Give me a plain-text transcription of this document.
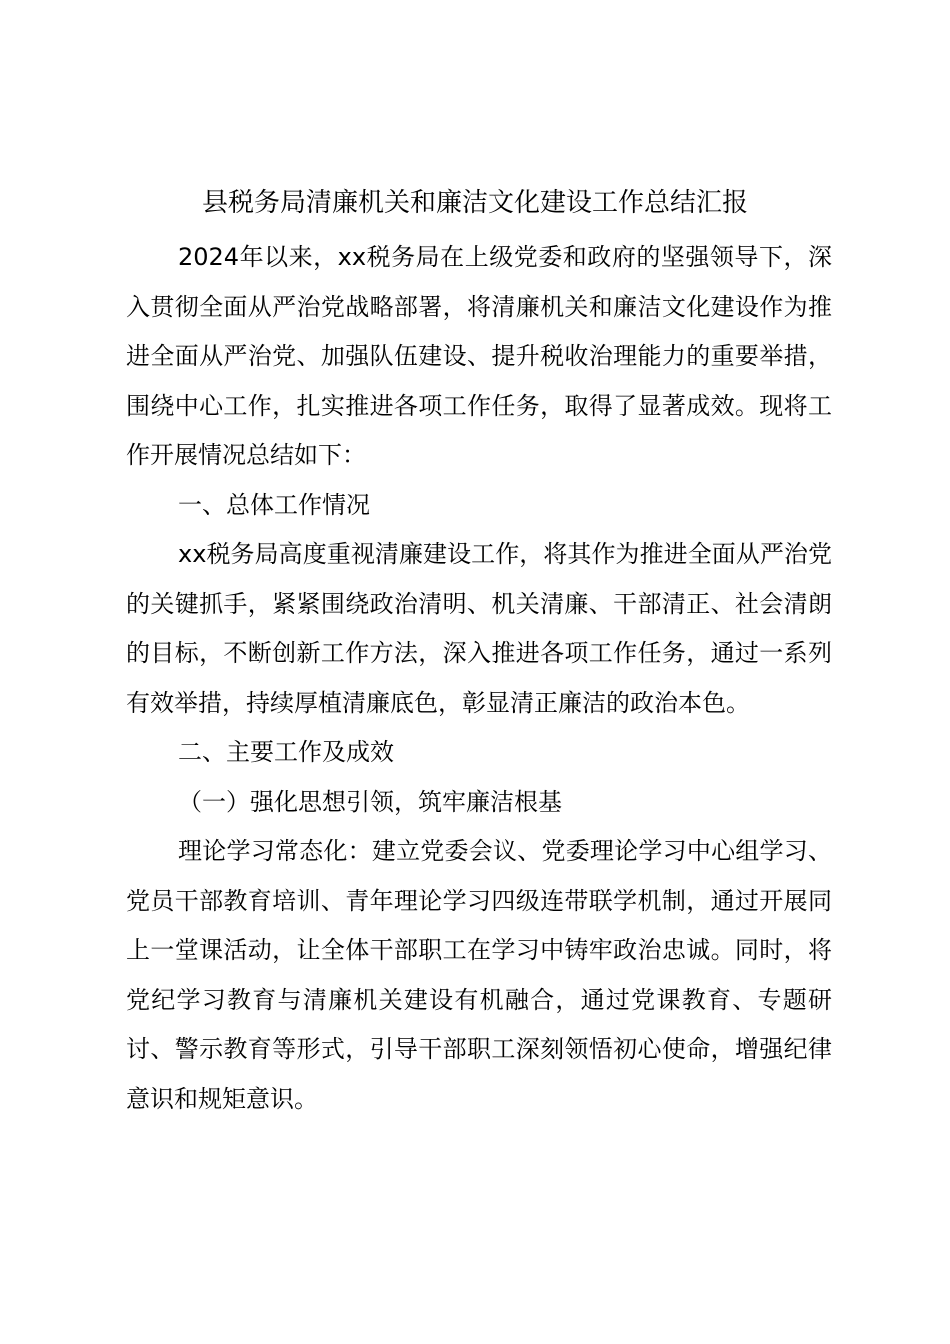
县税务局清廉机关和廉洁文化建设工作总结汇报

2024年以来，xx税务局在上级党委和政府的坚强领导下，深入贯彻全面从严治党战略部署，将清廉机关和廉洁文化建设作为推进全面从严治党、加强队伍建设、提升税收治理能力的重要举措，围绕中心工作，扎实推进各项工作任务，取得了显著成效。现将工作开展情况总结如下：

一、总体工作情况

xx税务局高度重视清廉建设工作，将其作为推进全面从严治党的关键抓手，紧紧围绕政治清明、机关清廉、干部清正、社会清朗的目标，不断创新工作方法，深入推进各项工作任务，通过一系列有效举措，持续厚植清廉底色，彰显清正廉洁的政治本色。

二、主要工作及成效

（一）强化思想引领，筑牢廉洁根基

理论学习常态化：建立党委会议、党委理论学习中心组学习、党员干部教育培训、青年理论学习四级连带联学机制，通过开展同上一堂课活动，让全体干部职工在学习中铸牢政治忠诚。同时，将党纪学习教育与清廉机关建设有机融合，通过党课教育、专题研讨、警示教育等形式，引导干部职工深刻领悟初心使命，增强纪律意识和规矩意识。
